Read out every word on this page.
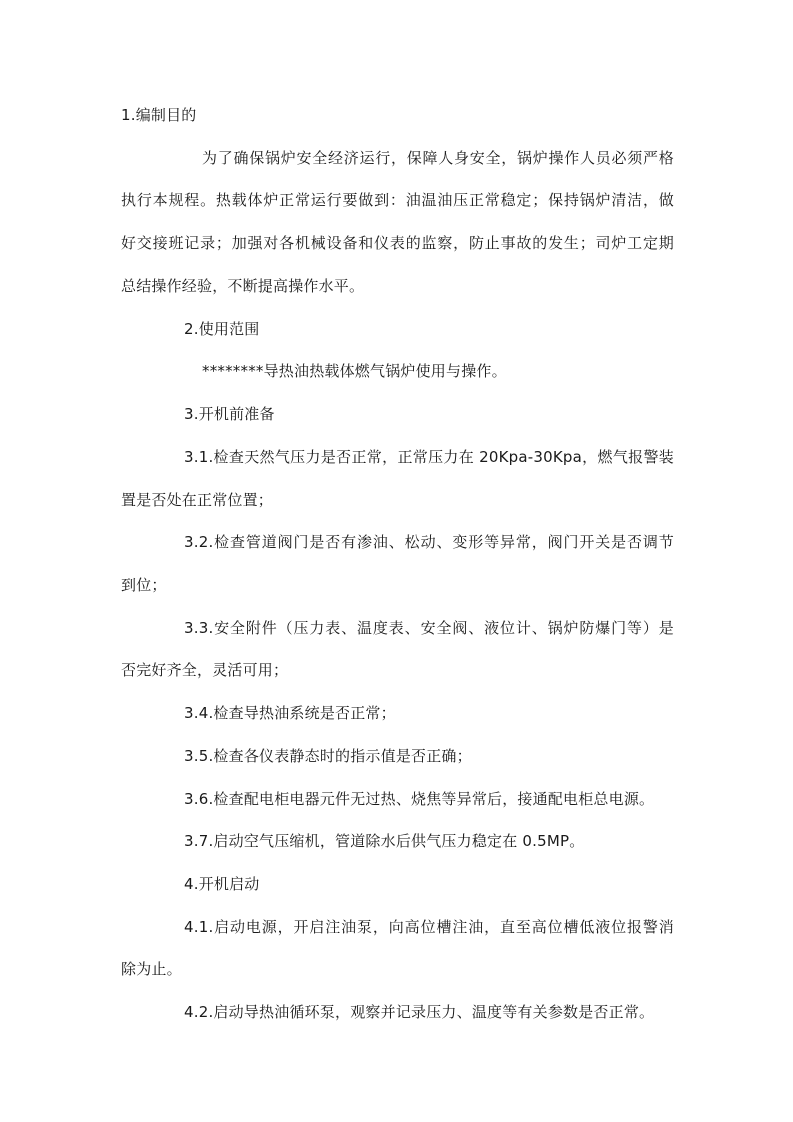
1.编制目的
为了确保锅炉安全经济运行，保障人身安全，锅炉操作人员必须严格
执行本规程。热载体炉正常运行要做到：油温油压正常稳定；保持锅炉清洁，做
好交接班记录；加强对各机械设备和仪表的监察，防止事故的发生；司炉工定期
总结操作经验，不断提高操作水平。
2.使用范围
********导热油热载体燃气锅炉使用与操作。
3.开机前准备
3.1.检查天然气压力是否正常，正常压力在 20Kpa-30Kpa，燃气报警装
置是否处在正常位置；
3.2.检查管道阀门是否有渗油、松动、变形等异常，阀门开关是否调节
到位；
3.3.安全附件（压力表、温度表、安全阀、液位计、锅炉防爆门等）是
否完好齐全，灵活可用；
3.4.检查导热油系统是否正常；
3.5.检查各仪表静态时的指示值是否正确；
3.6.检查配电柜电器元件无过热、烧焦等异常后，接通配电柜总电源。
3.7.启动空气压缩机，管道除水后供气压力稳定在 0.5MP。
4.开机启动
4.1.启动电源，开启注油泵，向高位槽注油，直至高位槽低液位报警消
除为止。
4.2.启动导热油循环泵，观察并记录压力、温度等有关参数是否正常。
